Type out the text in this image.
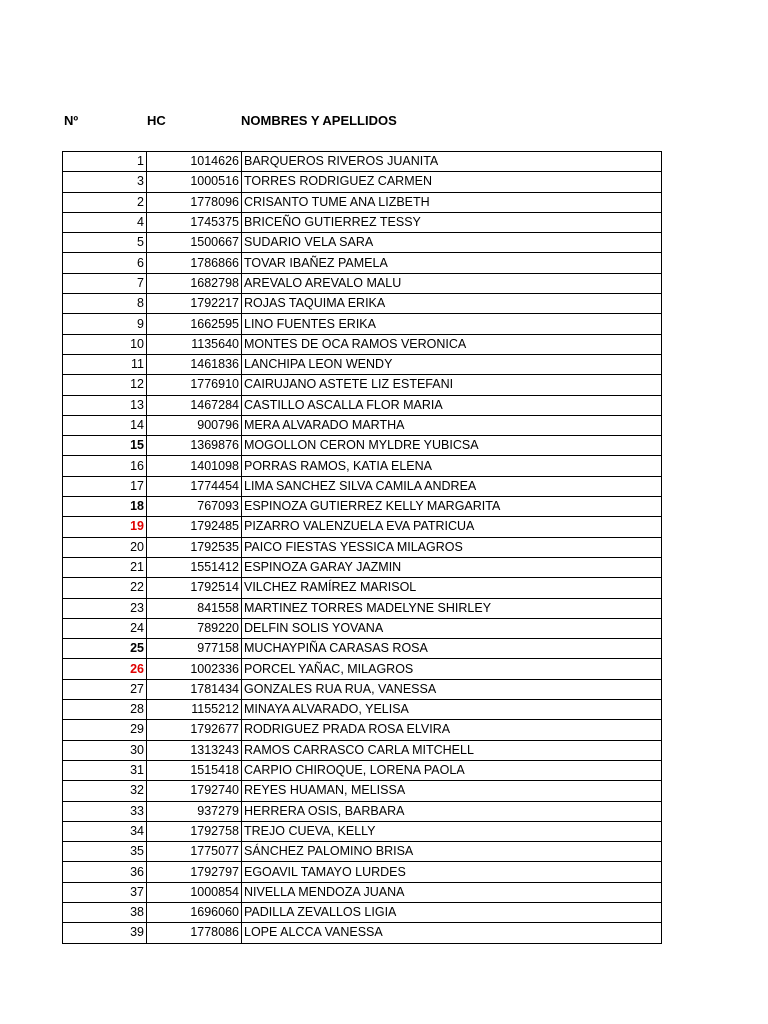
Nº	HC	NOMBRES Y APELLIDOS
1	1014626	BARQUEROS RIVEROS JUANITA
3	1000516	TORRES RODRIGUEZ CARMEN
2	1778096	CRISANTO TUME ANA LIZBETH
4	1745375	BRICEÑO GUTIERREZ TESSY
5	1500667	SUDARIO VELA SARA
6	1786866	TOVAR IBAÑEZ PAMELA
7	1682798	AREVALO AREVALO MALU
8	1792217	ROJAS TAQUIMA ERIKA
9	1662595	LINO FUENTES ERIKA
10	1135640	MONTES DE OCA RAMOS VERONICA
11	1461836	LANCHIPA LEON WENDY
12	1776910	CAIRUJANO ASTETE LIZ ESTEFANI
13	1467284	CASTILLO ASCALLA FLOR MARIA
14	900796	MERA ALVARADO MARTHA
15	1369876	MOGOLLON CERON MYLDRE YUBICSA
16	1401098	PORRAS RAMOS, KATIA ELENA
17	1774454	LIMA SANCHEZ SILVA CAMILA ANDREA
18	767093	ESPINOZA GUTIERREZ KELLY MARGARITA
19	1792485	PIZARRO VALENZUELA EVA PATRICUA
20	1792535	PAICO FIESTAS YESSICA MILAGROS
21	1551412	ESPINOZA GARAY JAZMIN
22	1792514	VILCHEZ RAMÍREZ MARISOL
23	841558	MARTINEZ TORRES MADELYNE SHIRLEY
24	789220	DELFIN SOLIS YOVANA
25	977158	MUCHAYPIÑA CARASAS ROSA
26	1002336	PORCEL YAÑAC, MILAGROS
27	1781434	GONZALES RUA RUA, VANESSA
28	1155212	MINAYA ALVARADO, YELISA
29	1792677	RODRIGUEZ PRADA ROSA ELVIRA
30	1313243	RAMOS CARRASCO CARLA MITCHELL
31	1515418	CARPIO CHIROQUE, LORENA PAOLA
32	1792740	REYES HUAMAN, MELISSA
33	937279	HERRERA OSIS, BARBARA
34	1792758	TREJO CUEVA, KELLY
35	1775077	SÁNCHEZ PALOMINO BRISA
36	1792797	EGOAVIL TAMAYO LURDES
37	1000854	NIVELLA MENDOZA JUANA
38	1696060	PADILLA ZEVALLOS LIGIA
39	1778086	LOPE ALCCA VANESSA
